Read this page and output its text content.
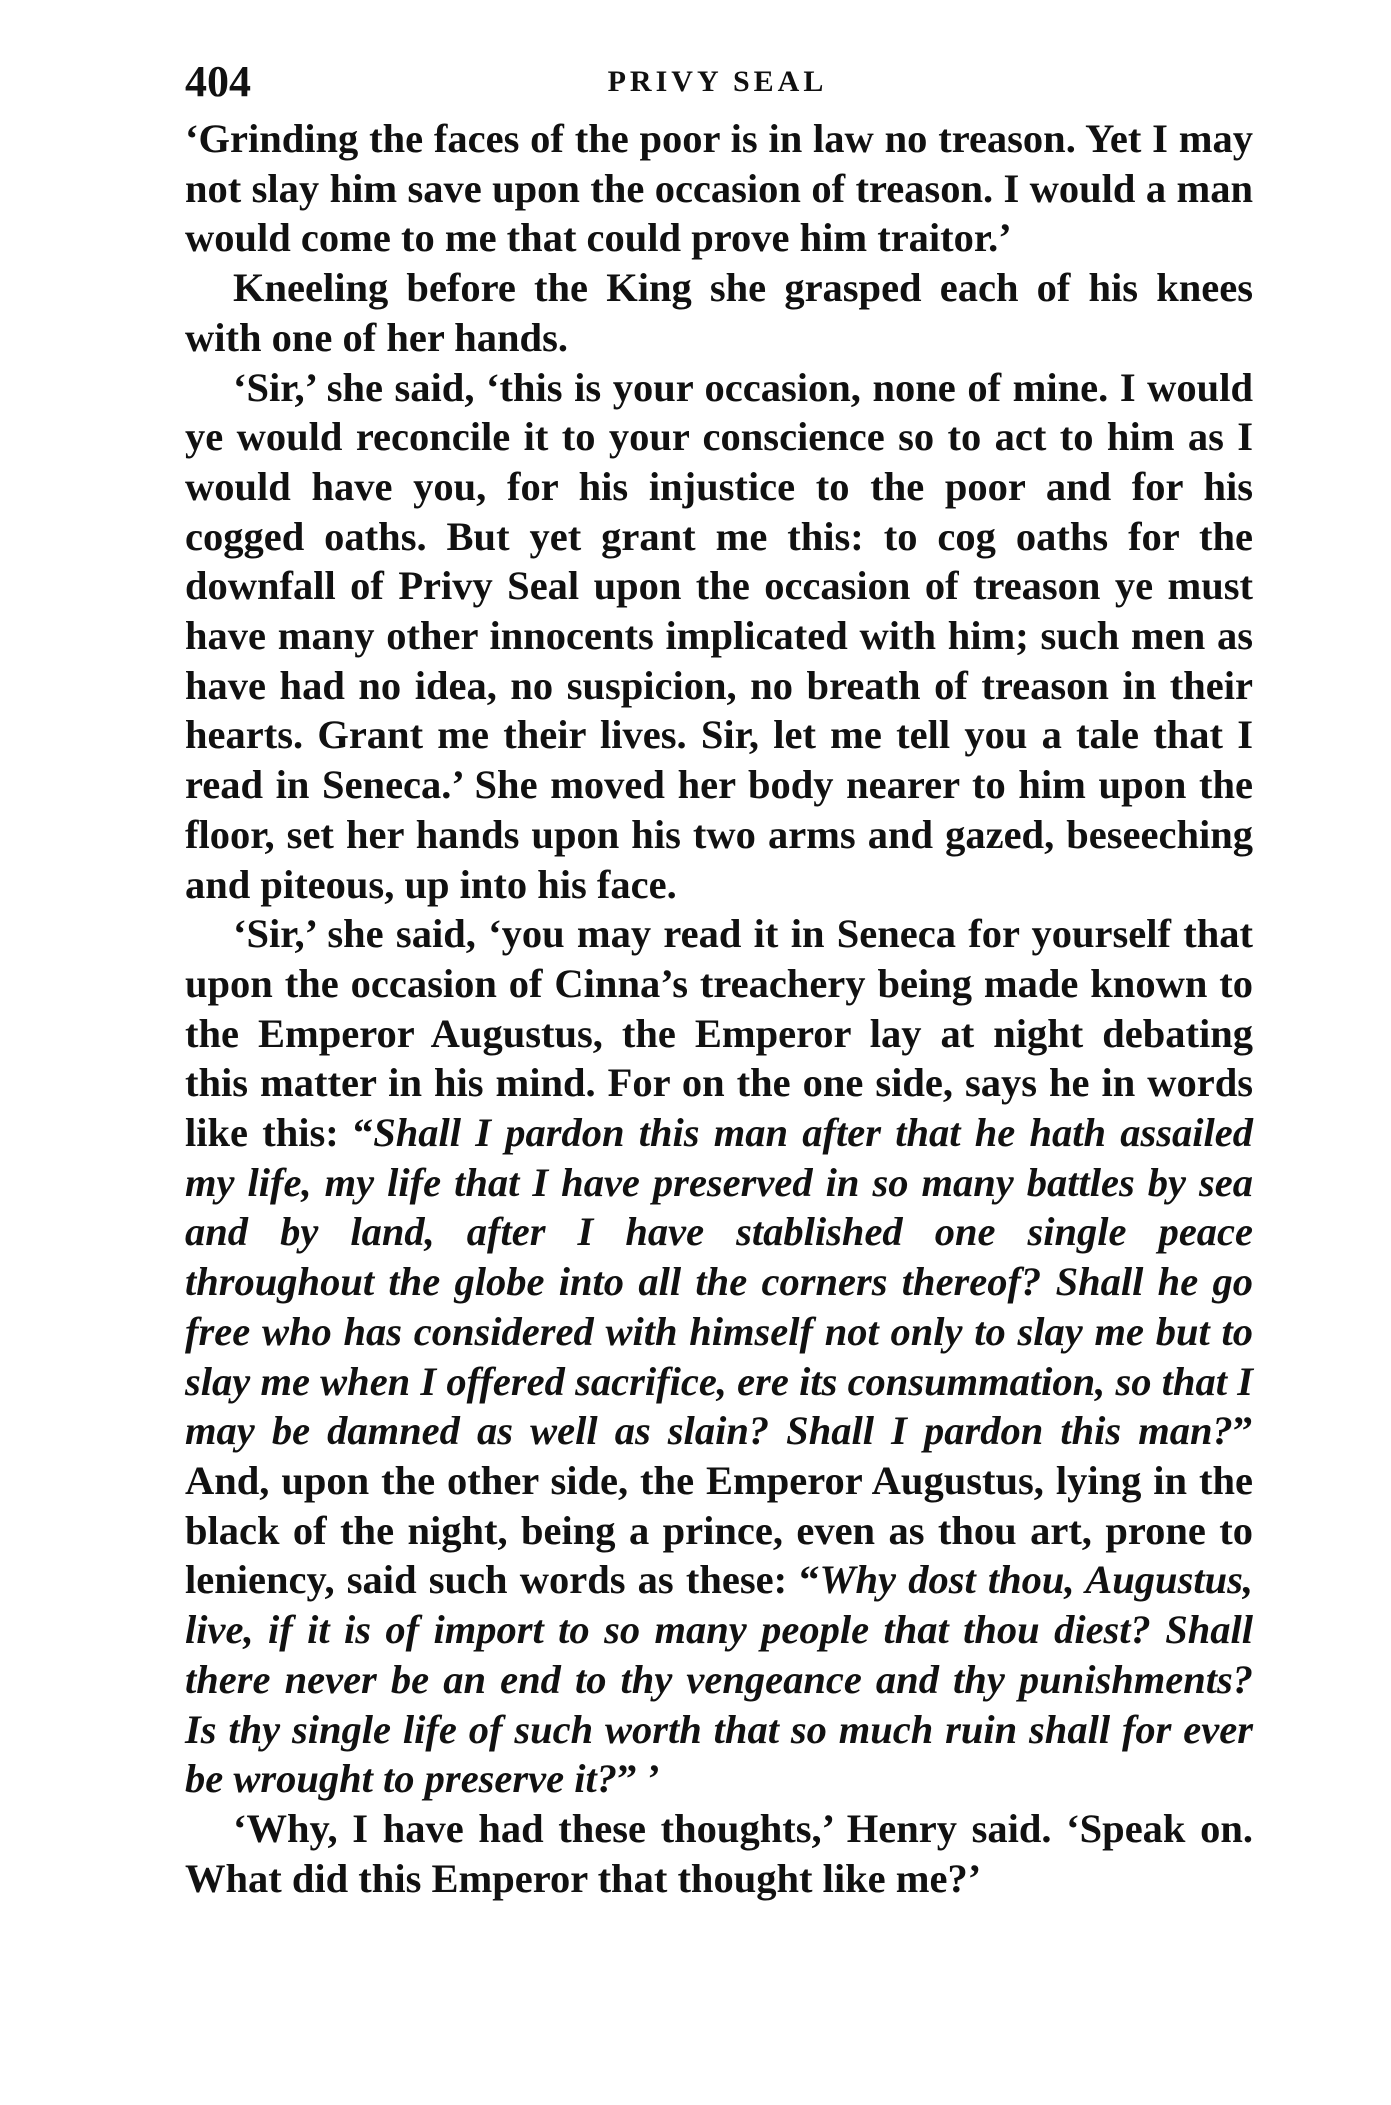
404	PRIVY SEAL

‘Grinding the faces of the poor is in law no treason. Yet I may not slay him save upon the occasion of treason. I would a man would come to me that could prove him traitor.’

Kneeling before the King she grasped each of his knees with one of her hands.

‘Sir,’ she said, ‘this is your occasion, none of mine. I would ye would reconcile it to your conscience so to act to him as I would have you, for his injustice to the poor and for his cogged oaths. But yet grant me this: to cog oaths for the downfall of Privy Seal upon the occasion of treason ye must have many other innocents implicated with him; such men as have had no idea, no suspicion, no breath of treason in their hearts. Grant me their lives. Sir, let me tell you a tale that I read in Seneca.’ She moved her body nearer to him upon the floor, set her hands upon his two arms and gazed, beseeching and piteous, up into his face.

‘Sir,’ she said, ‘you may read it in Seneca for yourself that upon the occasion of Cinna’s treachery being made known to the Emperor Augustus, the Emperor lay at night debating this matter in his mind. For on the one side, says he in words like this: “Shall I pardon this man after that he hath assailed my life, my life that I have preserved in so many battles by sea and by land, after I have stablished one single peace throughout the globe into all the corners thereof? Shall he go free who has considered with himself not only to slay me but to slay me when I offered sacrifice, ere its consummation, so that I may be damned as well as slain? Shall I pardon this man?” And, upon the other side, the Emperor Augustus, lying in the black of the night, being a prince, even as thou art, prone to leniency, said such words as these: “Why dost thou, Augustus, live, if it is of import to so many people that thou diest? Shall there never be an end to thy vengeance and thy punishments? Is thy single life of such worth that so much ruin shall for ever be wrought to preserve it?” ’

‘Why, I have had these thoughts,’ Henry said. ‘Speak on. What did this Emperor that thought like me?’
